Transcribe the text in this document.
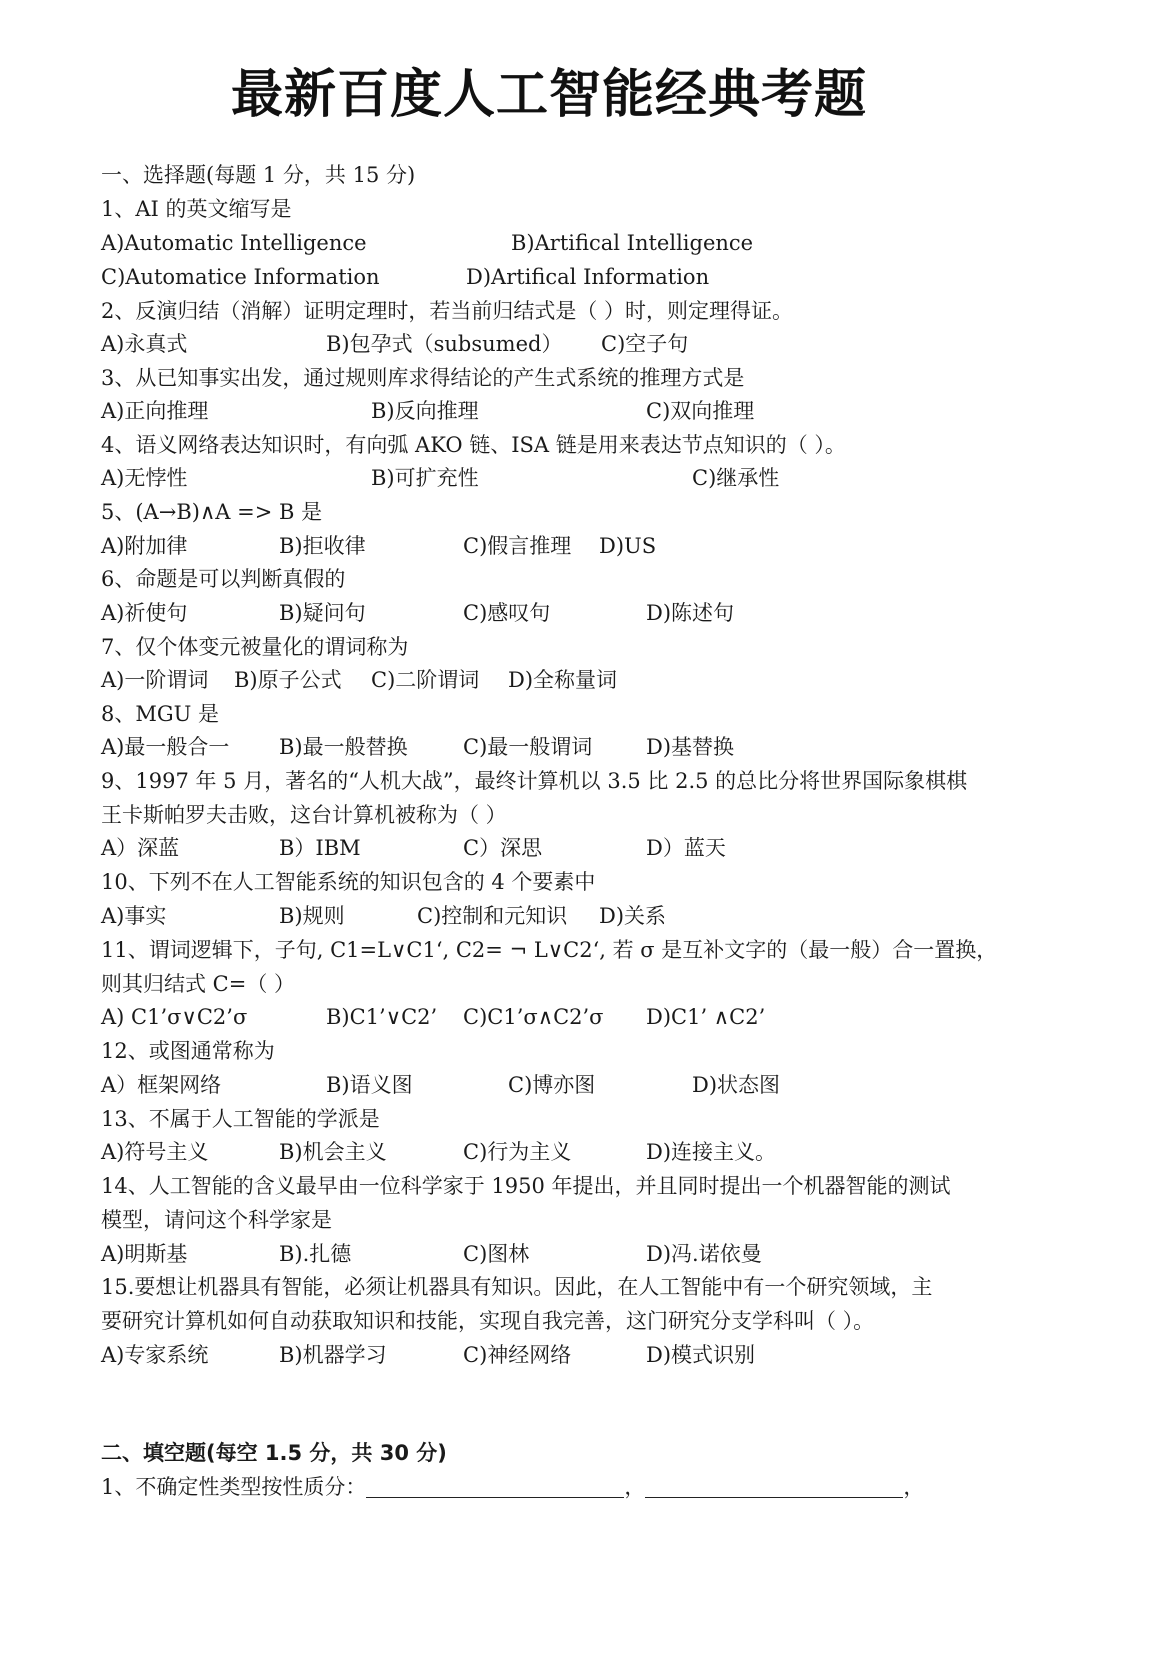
最新百度人工智能经典考题
一、选择题(每题 1 分，共 15 分)
1、AI 的英文缩写是
A)Automatic Intelligence	B)Artifical Intelligence
C)Automatice Information	D)Artifical Information
2、反演归结（消解）证明定理时，若当前归结式是（ ）时，则定理得证。
A)永真式	B)包孕式（subsumed） C)空子句
3、从已知事实出发，通过规则库求得结论的产生式系统的推理方式是
A)正向推理	B)反向推理	C)双向推理
4、语义网络表达知识时，有向弧 AKO 链、ISA 链是用来表达节点知识的（ ）。
A)无悖性	B)可扩充性	C)继承性
5、(A→B)∧A => B 是
A)附加律	B)拒收律	C)假言推理 D)US
6、命题是可以判断真假的
A)祈使句	B)疑问句	C)感叹句	D)陈述句
7、仅个体变元被量化的谓词称为
A)一阶谓词 B)原子公式 C)二阶谓词 D)全称量词
8、MGU 是
A)最一般合一 B)最一般替换	C)最一般谓词	D)基替换
9、1997 年 5 月，著名的“人机大战”，最终计算机以 3.5 比 2.5 的总比分将世界国际象棋棋
王卡斯帕罗夫击败，这台计算机被称为（ ）
A）深蓝	B）IBM	C）深思	D）蓝天
10、下列不在人工智能系统的知识包含的 4 个要素中
A)事实	B)规则	C)控制和元知识 D)关系
11、谓词逻辑下，子句, C1=L∨C1‘, C2= ¬ L∨C2‘, 若 σ 是互补文字的（最一般）合一置换，
则其归结式 C=（ ）
A) C1’σ∨C2’σ	B)C1’∨C2’ C)C1’σ∧C2’σ D)C1’ ∧C2’
12、或图通常称为
A）框架网络	B)语义图	C)博亦图	D)状态图
13、不属于人工智能的学派是
A)符号主义	B)机会主义	C)行为主义	D)连接主义。
14、人工智能的含义最早由一位科学家于 1950 年提出，并且同时提出一个机器智能的测试
模型，请问这个科学家是
A)明斯基	B).扎德	C)图林	D)冯.诺依曼
15.要想让机器具有智能，必须让机器具有知识。因此，在人工智能中有一个研究领域，主
要研究计算机如何自动获取知识和技能，实现自我完善，这门研究分支学科叫（ ）。
A)专家系统	B)机器学习	C)神经网络	D)模式识别
二、填空题(每空 1.5 分，共 30 分)
1、不确定性类型按性质分：	，	，
